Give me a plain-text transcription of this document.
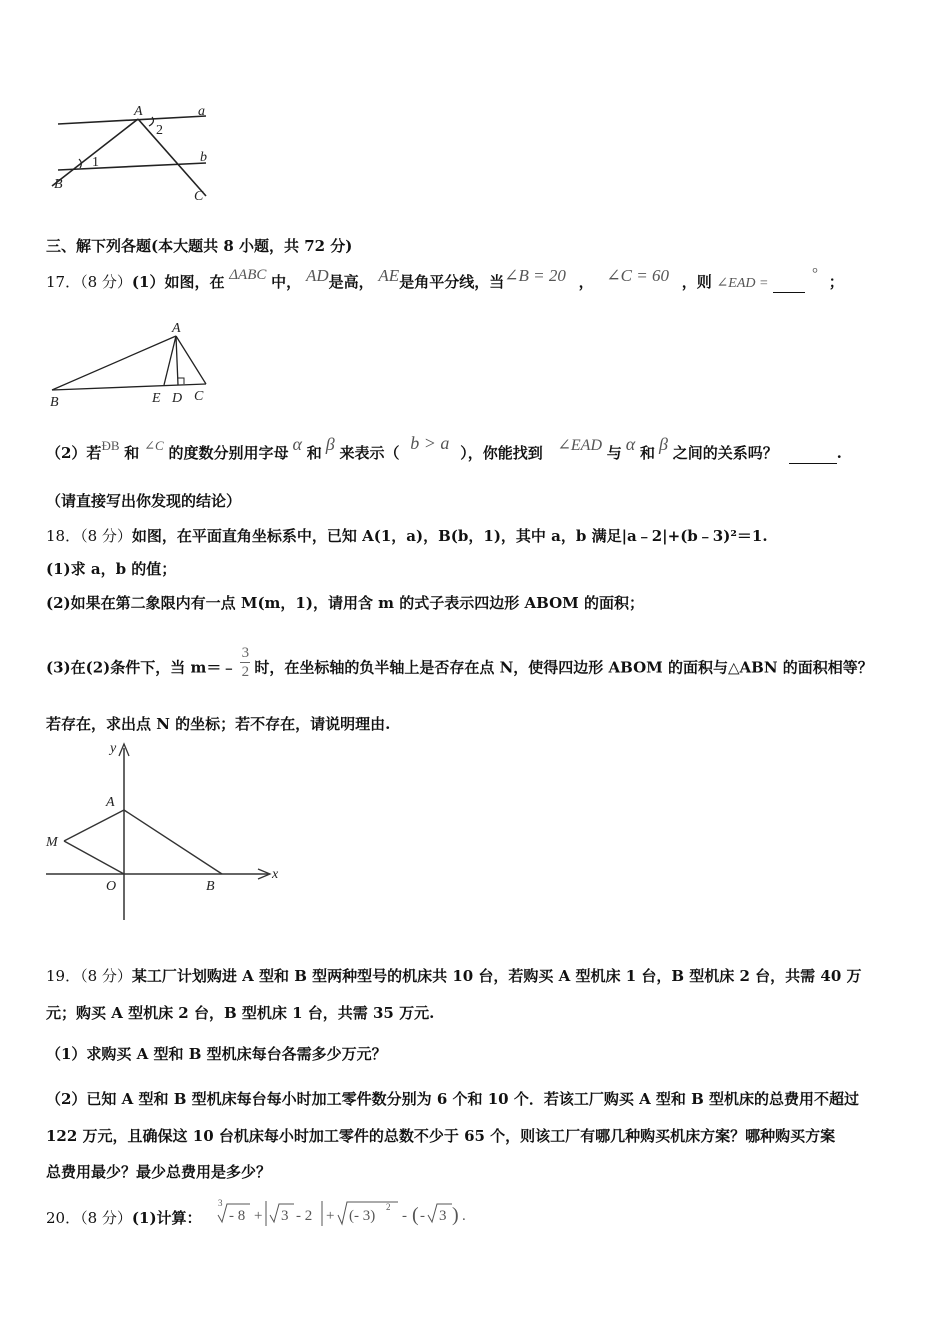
A	a
b
B
C
1
2
三、解下列各题(本大题共 8 小题，共 72 分)
17．（8 分）(1）如图，在 ΔABC 中， AD是高， AE是角平分线，当∠B = 20 ， ∠C = 60 ，则 ∠EAD =   ° ；
A
B	E D C
（2）若ÐB 和 ∠C 的度数分别用字母 α 和 β 来表示（ b > a ），你能找到 ∠EAD 与 α 和 β 之间的关系吗？	.
（请直接写出你发现的结论）
18．（8 分）如图，在平面直角坐标系中，已知 A(1，a)，B(b，1)，其中 a，b 满足|a﹣2|+(b﹣3)²＝1.
(1)求 a，b 的值；
(2)如果在第二象限内有一点 M(m，1)，请用含 m 的式子表示四边形 ABOM 的面积；
(3)在(2)条件下，当 m＝﹣ $\frac{3}{2}$ 时，在坐标轴的负半轴上是否存在点 N，使得四边形 ABOM 的面积与△ABN 的面积相等？
若存在，求出点 N 的坐标；若不存在，请说明理由.
y
x
A
M
O	B
19．（8 分）某工厂计划购进 A 型和 B 型两种型号的机床共 10 台，若购买 A 型机床 1 台，B 型机床 2 台，共需 40 万
元；购买 A 型机床 2 台，B 型机床 1 台，共需 35 万元.
（1）求购买 A 型和 B 型机床每台各需多少万元？
（2）已知 A 型和 B 型机床每台每小时加工零件数分别为 6 个和 10 个．若该工厂购买 A 型和 B 型机床的总费用不超过
122 万元，且确保这 10 台机床每小时加工零件的总数不少于 65 个，则该工厂有哪几种购买机床方案？哪种购买方案
总费用最少？最少总费用是多少？
20．（8 分）(1)计算：
3
- 8 + 3 - 2 + (- 3)
2
- ( - 3 ) .
